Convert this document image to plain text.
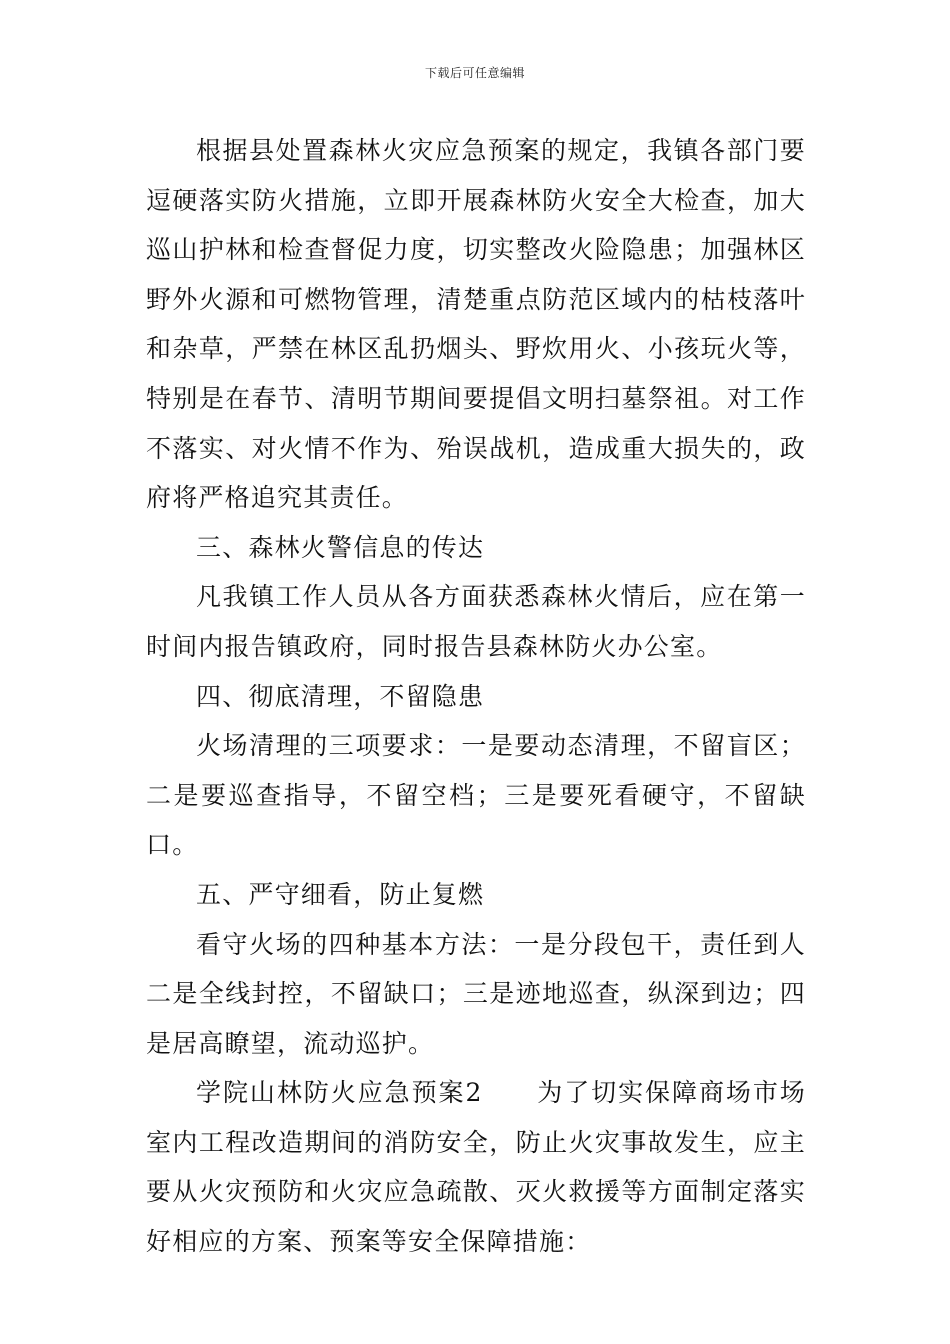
下载后可任意编辑

根据县处置森林火灾应急预案的规定，我镇各部门要逗硬落实防火措施，立即开展森林防火安全大检查，加大巡山护林和检查督促力度，切实整改火险隐患；加强林区野外火源和可燃物管理，清楚重点防范区域内的枯枝落叶和杂草，严禁在林区乱扔烟头、野炊用火、小孩玩火等，特别是在春节、清明节期间要提倡文明扫墓祭祖。对工作不落实、对火情不作为、殆误战机，造成重大损失的，政府将严格追究其责任。

三、森林火警信息的传达

凡我镇工作人员从各方面获悉森林火情后，应在第一时间内报告镇政府，同时报告县森林防火办公室。

四、彻底清理，不留隐患

火场清理的三项要求：一是要动态清理，不留盲区；二是要巡查指导，不留空档；三是要死看硬守，不留缺口。

五、严守细看，防止复燃

看守火场的四种基本方法：一是分段包干，责任到人二是全线封控，不留缺口；三是迹地巡查，纵深到边；四是居高瞭望，流动巡护。

学院山林防火应急预案2　　为了切实保障商场市场室内工程改造期间的消防安全，防止火灾事故发生，应主要从火灾预防和火灾应急疏散、灭火救援等方面制定落实好相应的方案、预案等安全保障措施：
